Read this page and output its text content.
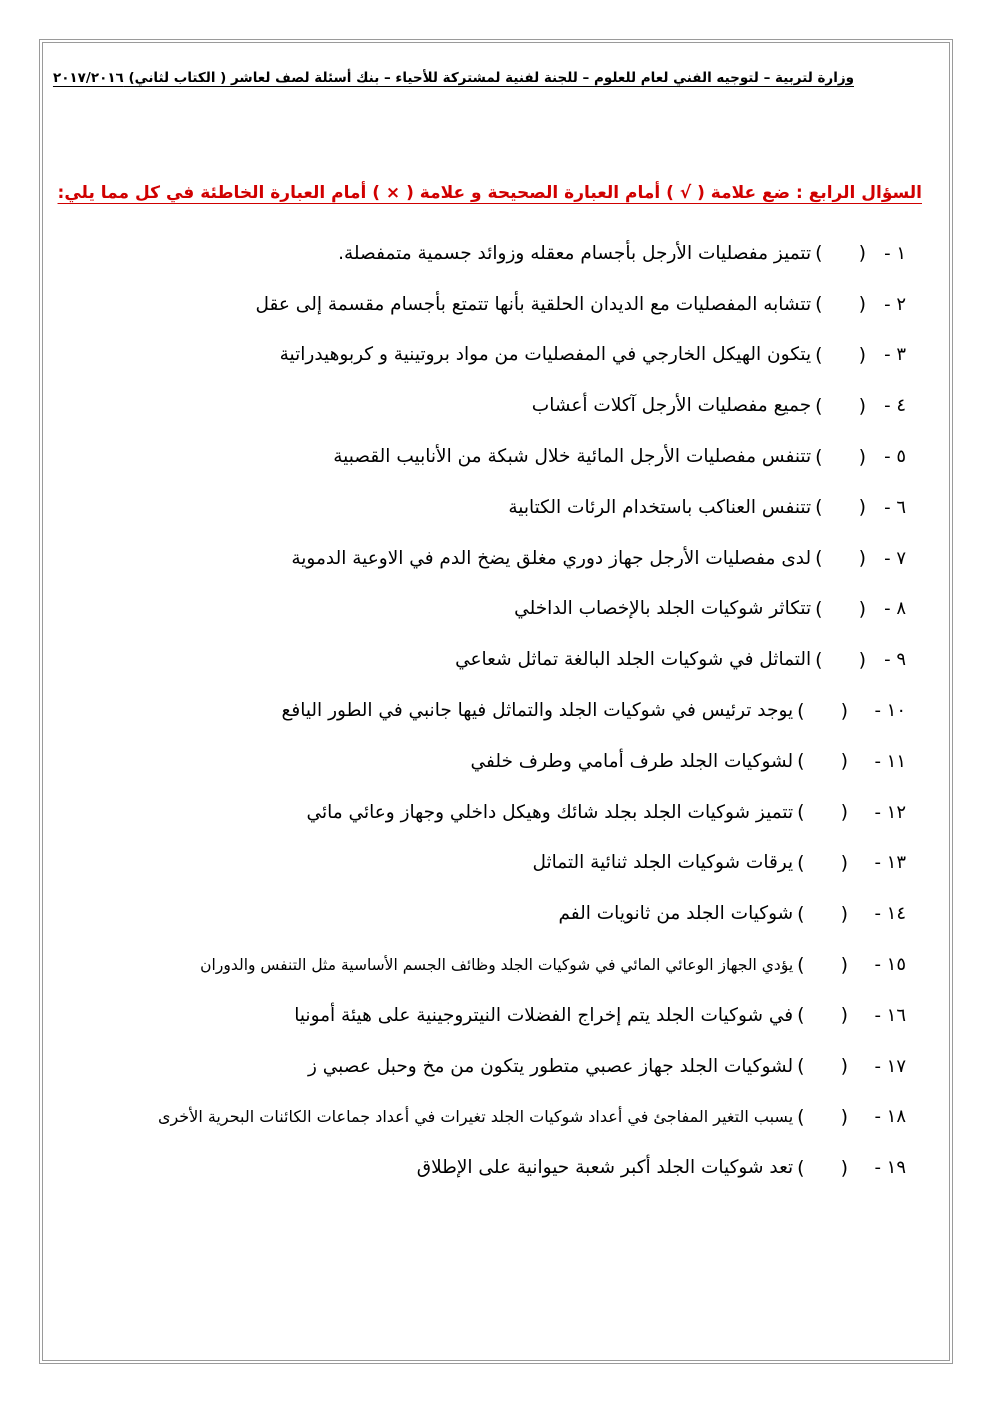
وزارة لتربية – لتوجيه الفني لعام للعلوم – للجنة لفنية لمشتركة للأحياء – بنك أسئلة لصف لعاشر ( الكتاب لثاني) ٢٠١٧/٢٠١٦
السؤال الرابع : ضع علامة ( √ ) أمام العبارة الصحيحة و علامة ( × ) أمام العبارة الخاطئة في كل مما يلي:
١ -
(
)
تتميز مفصليات الأرجل بأجسام معقله وزوائد جسمية متمفصلة.
٢ -
(
)
تتشابه المفصليات مع الديدان الحلقية بأنها تتمتع بأجسام مقسمة إلى عقل
٣ -
(
)
يتكون الهيكل الخارجي في المفصليات من مواد بروتينية و كربوهيدراتية
٤ -
(
)
جميع مفصليات الأرجل آكلات أعشاب
٥ -
(
)
تتنفس مفصليات الأرجل المائية خلال شبكة من الأنابيب القصبية
٦ -
(
)
تتنفس العناكب باستخدام الرئات الكتابية
٧ -
(
)
لدى مفصليات الأرجل جهاز دوري مغلق يضخ الدم في الاوعية الدموية
٨ -
(
)
تتكاثر شوكيات الجلد بالإخصاب الداخلي
٩ -
(
)
التماثل في شوكيات الجلد البالغة تماثل شعاعي
١٠ -
(
)
يوجد ترئيس في شوكيات الجلد والتماثل فيها جانبي في الطور اليافع
١١ -
(
)
لشوكيات الجلد طرف أمامي وطرف خلفي
١٢ -
(
)
تتميز شوكيات الجلد بجلد شائك وهيكل داخلي وجهاز وعائي مائي
١٣ -
(
)
يرقات شوكيات الجلد ثنائية التماثل
١٤ -
(
)
شوكيات الجلد من ثانويات الفم
١٥ -
(
)
يؤدي الجهاز الوعائي المائي في شوكيات الجلد وظائف الجسم الأساسية مثل التنفس والدوران
١٦ -
(
)
في شوكيات الجلد يتم إخراج الفضلات النيتروجينية على هيئة أمونيا
١٧ -
(
)
لشوكيات الجلد جهاز عصبي متطور يتكون من مخ وحبل عصبي ز
١٨ -
(
)
يسبب التغير المفاجئ في أعداد شوكيات الجلد تغيرات في أعداد جماعات الكائنات البحرية الأخرى
١٩ -
(
)
تعد شوكيات الجلد أكبر شعبة حيوانية على الإطلاق
